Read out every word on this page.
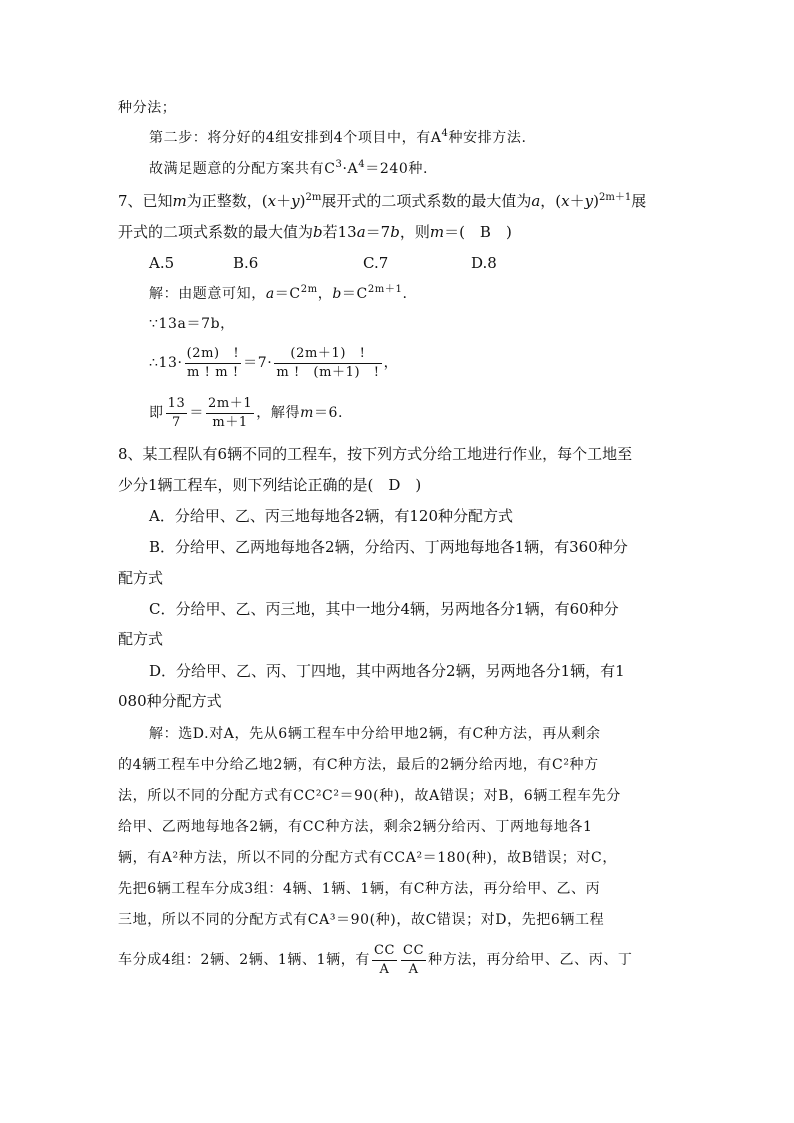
种分法；
第二步：将分好的4组安排到4个项目中，有$A^4$种安排方法.
故满足题意的分配方案共有$C^3\cdot A^4=240$种.
7、已知m为正整数，$(x+y)^{2m}$展开式的二项式系数的最大值为a，$(x+y)^{2m+1}$展
开式的二项式系数的最大值为b若13a＝7b，则m＝(　B　)
A.5	B.6	C.7	D.8
解：由题意可知，$a=C^{2m}$，$b=C^{2m+1}$.
∵13a＝7b，
∴13· $\frac{(2m) !}{m ! m !} =7\cdot \frac{(2m+1) !}{m ! (m+1) !}$ ，
即 $\frac{13}{7} = \frac{2m+1}{m+1}$ ，解得m＝6.
8、某工程队有6辆不同的工程车，按下列方式分给工地进行作业，每个工地至
少分1辆工程车，则下列结论正确的是(　D　)
A．分给甲、乙、丙三地每地各2辆，有120种分配方式
B．分给甲、乙两地每地各2辆，分给丙、丁两地每地各1辆，有360种分
配方式
C．分给甲、乙、丙三地，其中一地分4辆，另两地各分1辆，有60种分
配方式
D．分给甲、乙、丙、丁四地，其中两地各分2辆，另两地各分1辆，有1
080种分配方式
解：选D.对A，先从6辆工程车中分给甲地2辆，有C种方法，再从剩余
的4辆工程车中分给乙地2辆，有C种方法，最后的2辆分给丙地，有C²种方
法，所以不同的分配方式有CC²C²＝90(种)，故A错误；对B，6辆工程车先分
给甲、乙两地每地各2辆，有CC种方法，剩余2辆分给丙、丁两地每地各1
辆，有A²种方法，所以不同的分配方式有CCA²＝180(种)，故B错误；对C，
先把6辆工程车分成3组：4辆、1辆、1辆，有C种方法，再分给甲、乙、丙
三地，所以不同的分配方式有CA³＝90(种)，故C错误；对D，先把6辆工程
车分成4组：2辆、2辆、1辆、1辆，有 $\frac{CC}{A} \frac{CC}{A}$ 种方法，再分给甲、乙、丙、丁
